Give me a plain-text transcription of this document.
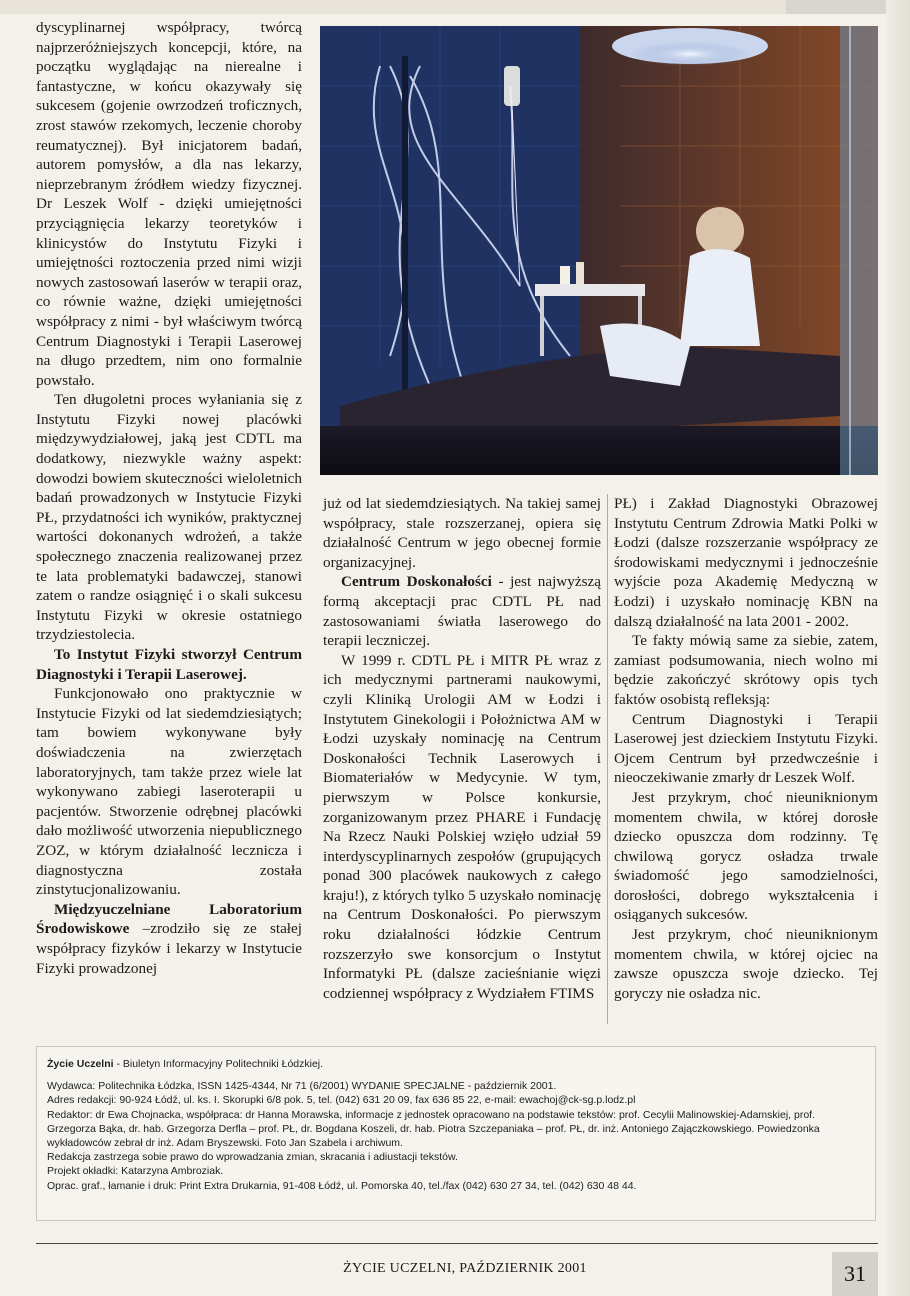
dyscyplinarnej współpracy, twórcą najprzeróżniejszych koncepcji, które, na początku wyglądając na nierealne i fantastyczne, w końcu okazywały się sukcesem (gojenie owrzodzeń troficznych, zrost stawów rzekomych, leczenie choroby reumatycznej). Był inicjatorem badań, autorem pomysłów, a dla nas lekarzy, nieprzebranym źródłem wiedzy fizycznej. Dr Leszek Wolf - dzięki umiejętności przyciągnięcia lekarzy teoretyków i klinicystów do Instytutu Fizyki i umiejętności roztoczenia przed nimi wizji nowych zastosowań laserów w terapii oraz, co równie ważne, dzięki umiejętności współpracy z nimi - był właściwym twórcą Centrum Diagnostyki i Terapii Laserowej na długo przedtem, nim ono formalnie powstało.

Ten długoletni proces wyłaniania się z Instytutu Fizyki nowej placówki międzywydziałowej, jaką jest CDTL ma dodatkowy, niezwykle ważny aspekt: dowodzi bowiem skuteczności wieloletnich badań prowadzonych w Instytucie Fizyki PŁ, przydatności ich wyników, praktycznej wartości dokonanych wdrożeń, a także społecznego znaczenia realizowanej przez te lata problematyki badawczej, stanowi zatem o randze osiągnięć i o skali sukcesu Instytutu Fizyki w okresie ostatniego trzydziestolecia.

To Instytut Fizyki stworzył Centrum Diagnostyki i Terapii Laserowej.

Funkcjonowało ono praktycznie w Instytucie Fizyki od lat siedemdziesiątych; tam bowiem wykonywane były doświadczenia na zwierzętach laboratoryjnych, tam także przez wiele lat wykonywano zabiegi laseroterapii u pacjentów. Stworzenie odrębnej placówki dało możliwość utworzenia niepublicznego ZOZ, w którym działalność lecznicza i diagnostyczna została zinstytucjonalizowaniu.

Międzyuczelniane Laboratorium Środowiskowe –zrodziło się ze stałej współpracy fizyków i lekarzy w Instytucie Fizyki prowadzonej

już od lat siedemdziesiątych. Na takiej samej współpracy, stale rozszerzanej, opiera się działalność Centrum w jego obecnej formie organizacyjnej.

Centrum Doskonałości - jest najwyższą formą akceptacji prac CDTL PŁ nad zastosowaniami światła laserowego do terapii leczniczej.

W 1999 r. CDTL PŁ i MITR PŁ wraz z ich medycznymi partnerami naukowymi, czyli Kliniką Urologii AM w Łodzi i Instytutem Ginekologii i Położnictwa AM w Łodzi uzyskały nominację na Centrum Doskonałości Technik Laserowych i Biomateriałów w Medycynie. W tym, pierwszym w Polsce konkursie, zorganizowanym przez PHARE i Fundację Na Rzecz Nauki Polskiej wzięło udział 59 interdyscyplinarnych zespołów (grupujących ponad 300 placówek naukowych z całego kraju!), z których tylko 5 uzyskało nominację na Centrum Doskonałości. Po pierwszym roku działalności łódzkie Centrum rozszerzyło swe konsorcjum o Instytut Informatyki PŁ (dalsze zacieśnianie więzi codziennej współpracy z Wydziałem FTIMS

PŁ) i Zakład Diagnostyki Obrazowej Instytutu Centrum Zdrowia Matki Polki w Łodzi (dalsze rozszerzanie współpracy ze środowiskami medycznymi i jednocześnie wyjście poza Akademię Medyczną w Łodzi) i uzyskało nominację KBN na dalszą działalność na lata 2001 - 2002.

Te fakty mówią same za siebie, zatem, zamiast podsumowania, niech wolno mi będzie zakończyć skrótowy opis tych faktów osobistą refleksją:

Centrum Diagnostyki i Terapii Laserowej jest dzieckiem Instytutu Fizyki. Ojcem Centrum był przedwcześnie i nieoczekiwanie zmarły dr Leszek Wolf.

Jest przykrym, choć nieuniknionym momentem chwila, w której dorosłe dziecko opuszcza dom rodzinny. Tę chwilową gorycz osładza trwale świadomość jego samodzielności, dorosłości, dobrego wykształcenia i osiąganych sukcesów.

Jest przykrym, choć nieuniknionym momentem chwila, w której ojciec na zawsze opuszcza swoje dziecko. Tej goryczy nie osładza nic.

Życie Uczelni - Biuletyn Informacyjny Politechniki Łódzkiej.

Wydawca: Politechnika Łódzka, ISSN 1425-4344, Nr 71 (6/2001) WYDANIE SPECJALNE - październik 2001.

Adres redakcji: 90-924 Łódź, ul. ks. I. Skorupki 6/8 pok. 5, tel. (042) 631 20 09, fax 636 85 22, e-mail: ewachoj@ck-sg.p.lodz.pl

Redaktor: dr Ewa Chojnacka, współpraca: dr Hanna Morawska, informacje z jednostek opracowano na podstawie tekstów: prof. Cecylii Malinowskiej-Adamskiej, prof. Grzegorza Bąka, dr. hab. Grzegorza Derfla – prof. PŁ, dr. Bogdana Koszeli, dr. hab. Piotra Szczepaniaka – prof. PŁ, dr. inż. Antoniego Zajączkowskiego. Powiedzonka wykładowców zebrał dr inż. Adam Bryszewski. Foto Jan Szabela i archiwum.

Redakcja zastrzega sobie prawo do wprowadzania zmian, skracania i adiustacji tekstów.

Projekt okładki: Katarzyna Ambroziak.

Oprac. graf., łamanie i druk: Print Extra Drukarnia, 91-408 Łódź, ul. Pomorska 40, tel./fax (042) 630 27 34, tel. (042) 630 48 44.

ŻYCIE UCZELNI, PAŹDZIERNIK 2001	31
